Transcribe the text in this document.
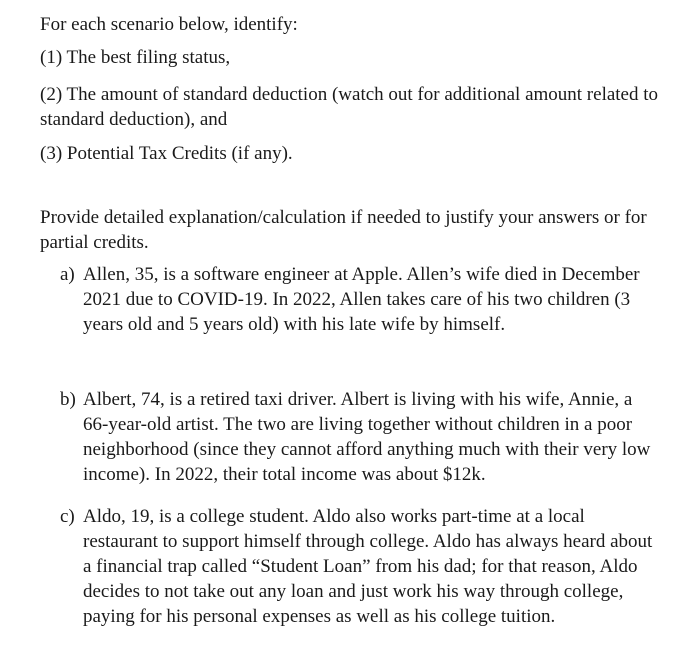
For each scenario below, identify:

(1) The best filing status,

(2) The amount of standard deduction (watch out for additional amount related to standard deduction), and

(3) Potential Tax Credits (if any).

Provide detailed explanation/calculation if needed to justify your answers or for partial credits.

a) Allen, 35, is a software engineer at Apple. Allen’s wife died in December 2021 due to COVID-19. In 2022, Allen takes care of his two children (3 years old and 5 years old) with his late wife by himself.
b) Albert, 74, is a retired taxi driver. Albert is living with his wife, Annie, a 66-year-old artist. The two are living together without children in a poor neighborhood (since they cannot afford anything much with their very low income). In 2022, their total income was about $12k.
c) Aldo, 19, is a college student. Aldo also works part-time at a local restaurant to support himself through college. Aldo has always heard about a financial trap called “Student Loan” from his dad; for that reason, Aldo decides to not take out any loan and just work his way through college, paying for his personal expenses as well as his college tuition.
